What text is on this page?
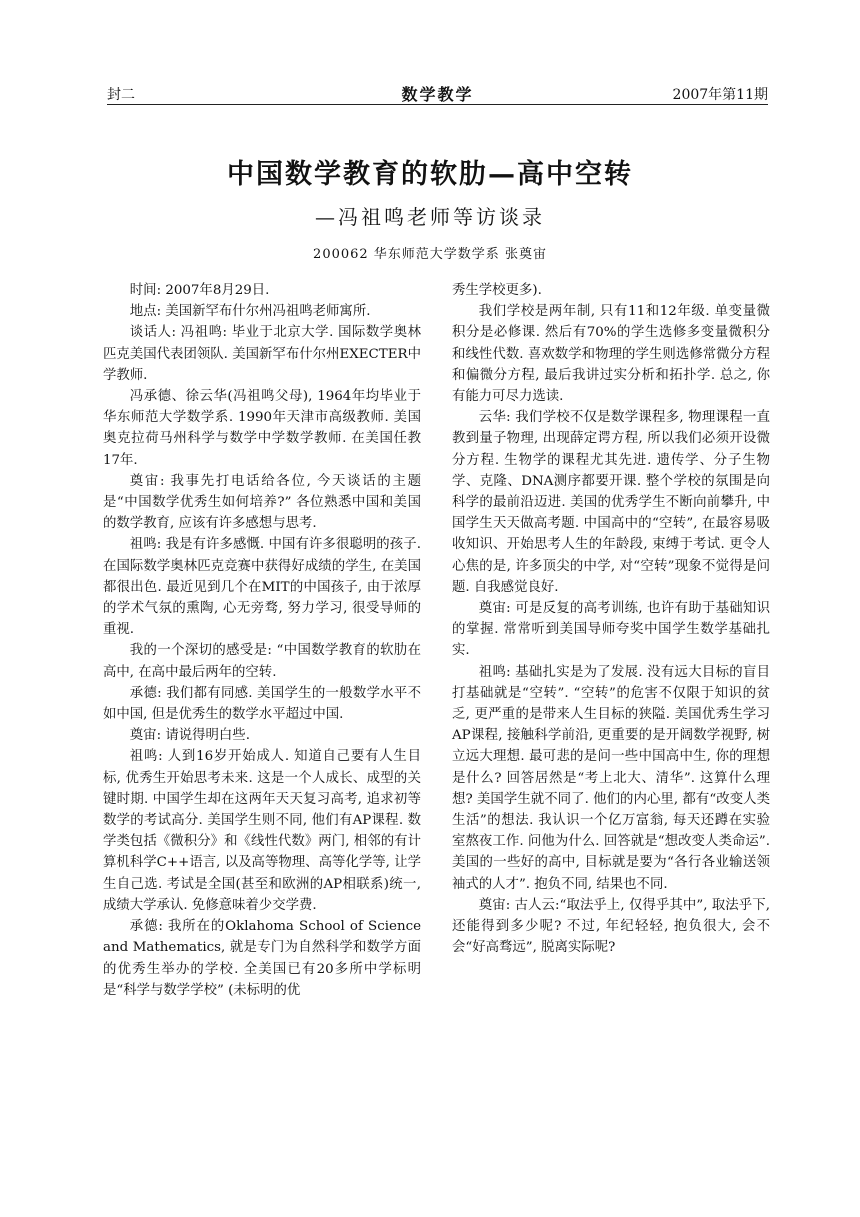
封二	数学教学	2007年第11期
中国数学教育的软肋—高中空转
—冯祖鸣老师等访谈录
200062 华东师范大学数学系 张奠宙

时间: 2007年8月29日.

地点: 美国新罕布什尔州冯祖鸣老师寓所.

谈话人: 冯祖鸣: 毕业于北京大学. 国际数学奥林匹克美国代表团领队. 美国新罕布什尔州EXECTER中学教师.

冯承德、徐云华(冯祖鸣父母), 1964年均毕业于华东师范大学数学系. 1990年天津市高级教师. 美国奥克拉荷马州科学与数学中学数学教师. 在美国任教17年.

奠宙: 我事先打电话给各位, 今天谈话的主题是“中国数学优秀生如何培养?” 各位熟悉中国和美国的数学教育, 应该有许多感想与思考.

祖鸣: 我是有许多感慨. 中国有许多很聪明的孩子. 在国际数学奥林匹克竞赛中获得好成绩的学生, 在美国都很出色. 最近见到几个在MIT的中国孩子, 由于浓厚的学术气氛的熏陶, 心无旁骛, 努力学习, 很受导师的重视.

我的一个深切的感受是: “中国数学教育的软肋在高中, 在高中最后两年的空转.

承德: 我们都有同感. 美国学生的一般数学水平不如中国, 但是优秀生的数学水平超过中国.

奠宙: 请说得明白些.

祖鸣: 人到16岁开始成人. 知道自己要有人生目标, 优秀生开始思考未来. 这是一个人成长、成型的关键时期. 中国学生却在这两年天天复习高考, 追求初等数学的考试高分. 美国学生则不同, 他们有AP课程. 数学类包括《微积分》和《线性代数》两门, 相邻的有计算机科学C++语言, 以及高等物理、高等化学等, 让学生自己选. 考试是全国(甚至和欧洲的AP相联系)统一, 成绩大学承认. 免修意味着少交学费.

承德: 我所在的Oklahoma School of Science and Mathematics, 就是专门为自然科学和数学方面的优秀生举办的学校. 全美国已有20多所中学标明是“科学与数学学校” (未标明的优

秀生学校更多).

我们学校是两年制, 只有11和12年级. 单变量微积分是必修课. 然后有70%的学生选修多变量微积分和线性代数. 喜欢数学和物理的学生则选修常微分方程和偏微分方程, 最后我讲过实分析和拓扑学. 总之, 你有能力可尽力选读.

云华: 我们学校不仅是数学课程多, 物理课程一直教到量子物理, 出现薛定谔方程, 所以我们必须开设微分方程. 生物学的课程尤其先进. 遗传学、分子生物学、克隆、DNA测序都要开课. 整个学校的氛围是向科学的最前沿迈进. 美国的优秀学生不断向前攀升, 中国学生天天做高考题. 中国高中的“空转”, 在最容易吸收知识、开始思考人生的年龄段, 束缚于考试. 更令人心焦的是, 许多顶尖的中学, 对“空转”现象不觉得是问题. 自我感觉良好.

奠宙: 可是反复的高考训练, 也许有助于基础知识的掌握. 常常听到美国导师夸奖中国学生数学基础扎实.

祖鸣: 基础扎实是为了发展. 没有远大目标的盲目打基础就是“空转”. “空转”的危害不仅限于知识的贫乏, 更严重的是带来人生目标的狭隘. 美国优秀生学习AP课程, 接触科学前沿, 更重要的是开阔数学视野, 树立远大理想. 最可悲的是问一些中国高中生, 你的理想是什么? 回答居然是“考上北大、清华”. 这算什么理想? 美国学生就不同了. 他们的内心里, 都有“改变人类生活”的想法. 我认识一个亿万富翁, 每天还蹲在实验室熬夜工作. 问他为什么. 回答就是“想改变人类命运”. 美国的一些好的高中, 目标就是要为“各行各业输送领袖式的人才”. 抱负不同, 结果也不同.

奠宙: 古人云:“取法乎上, 仅得乎其中”, 取法乎下, 还能得到多少呢? 不过, 年纪轻轻, 抱负很大, 会不会“好高骛远”, 脱离实际呢?
